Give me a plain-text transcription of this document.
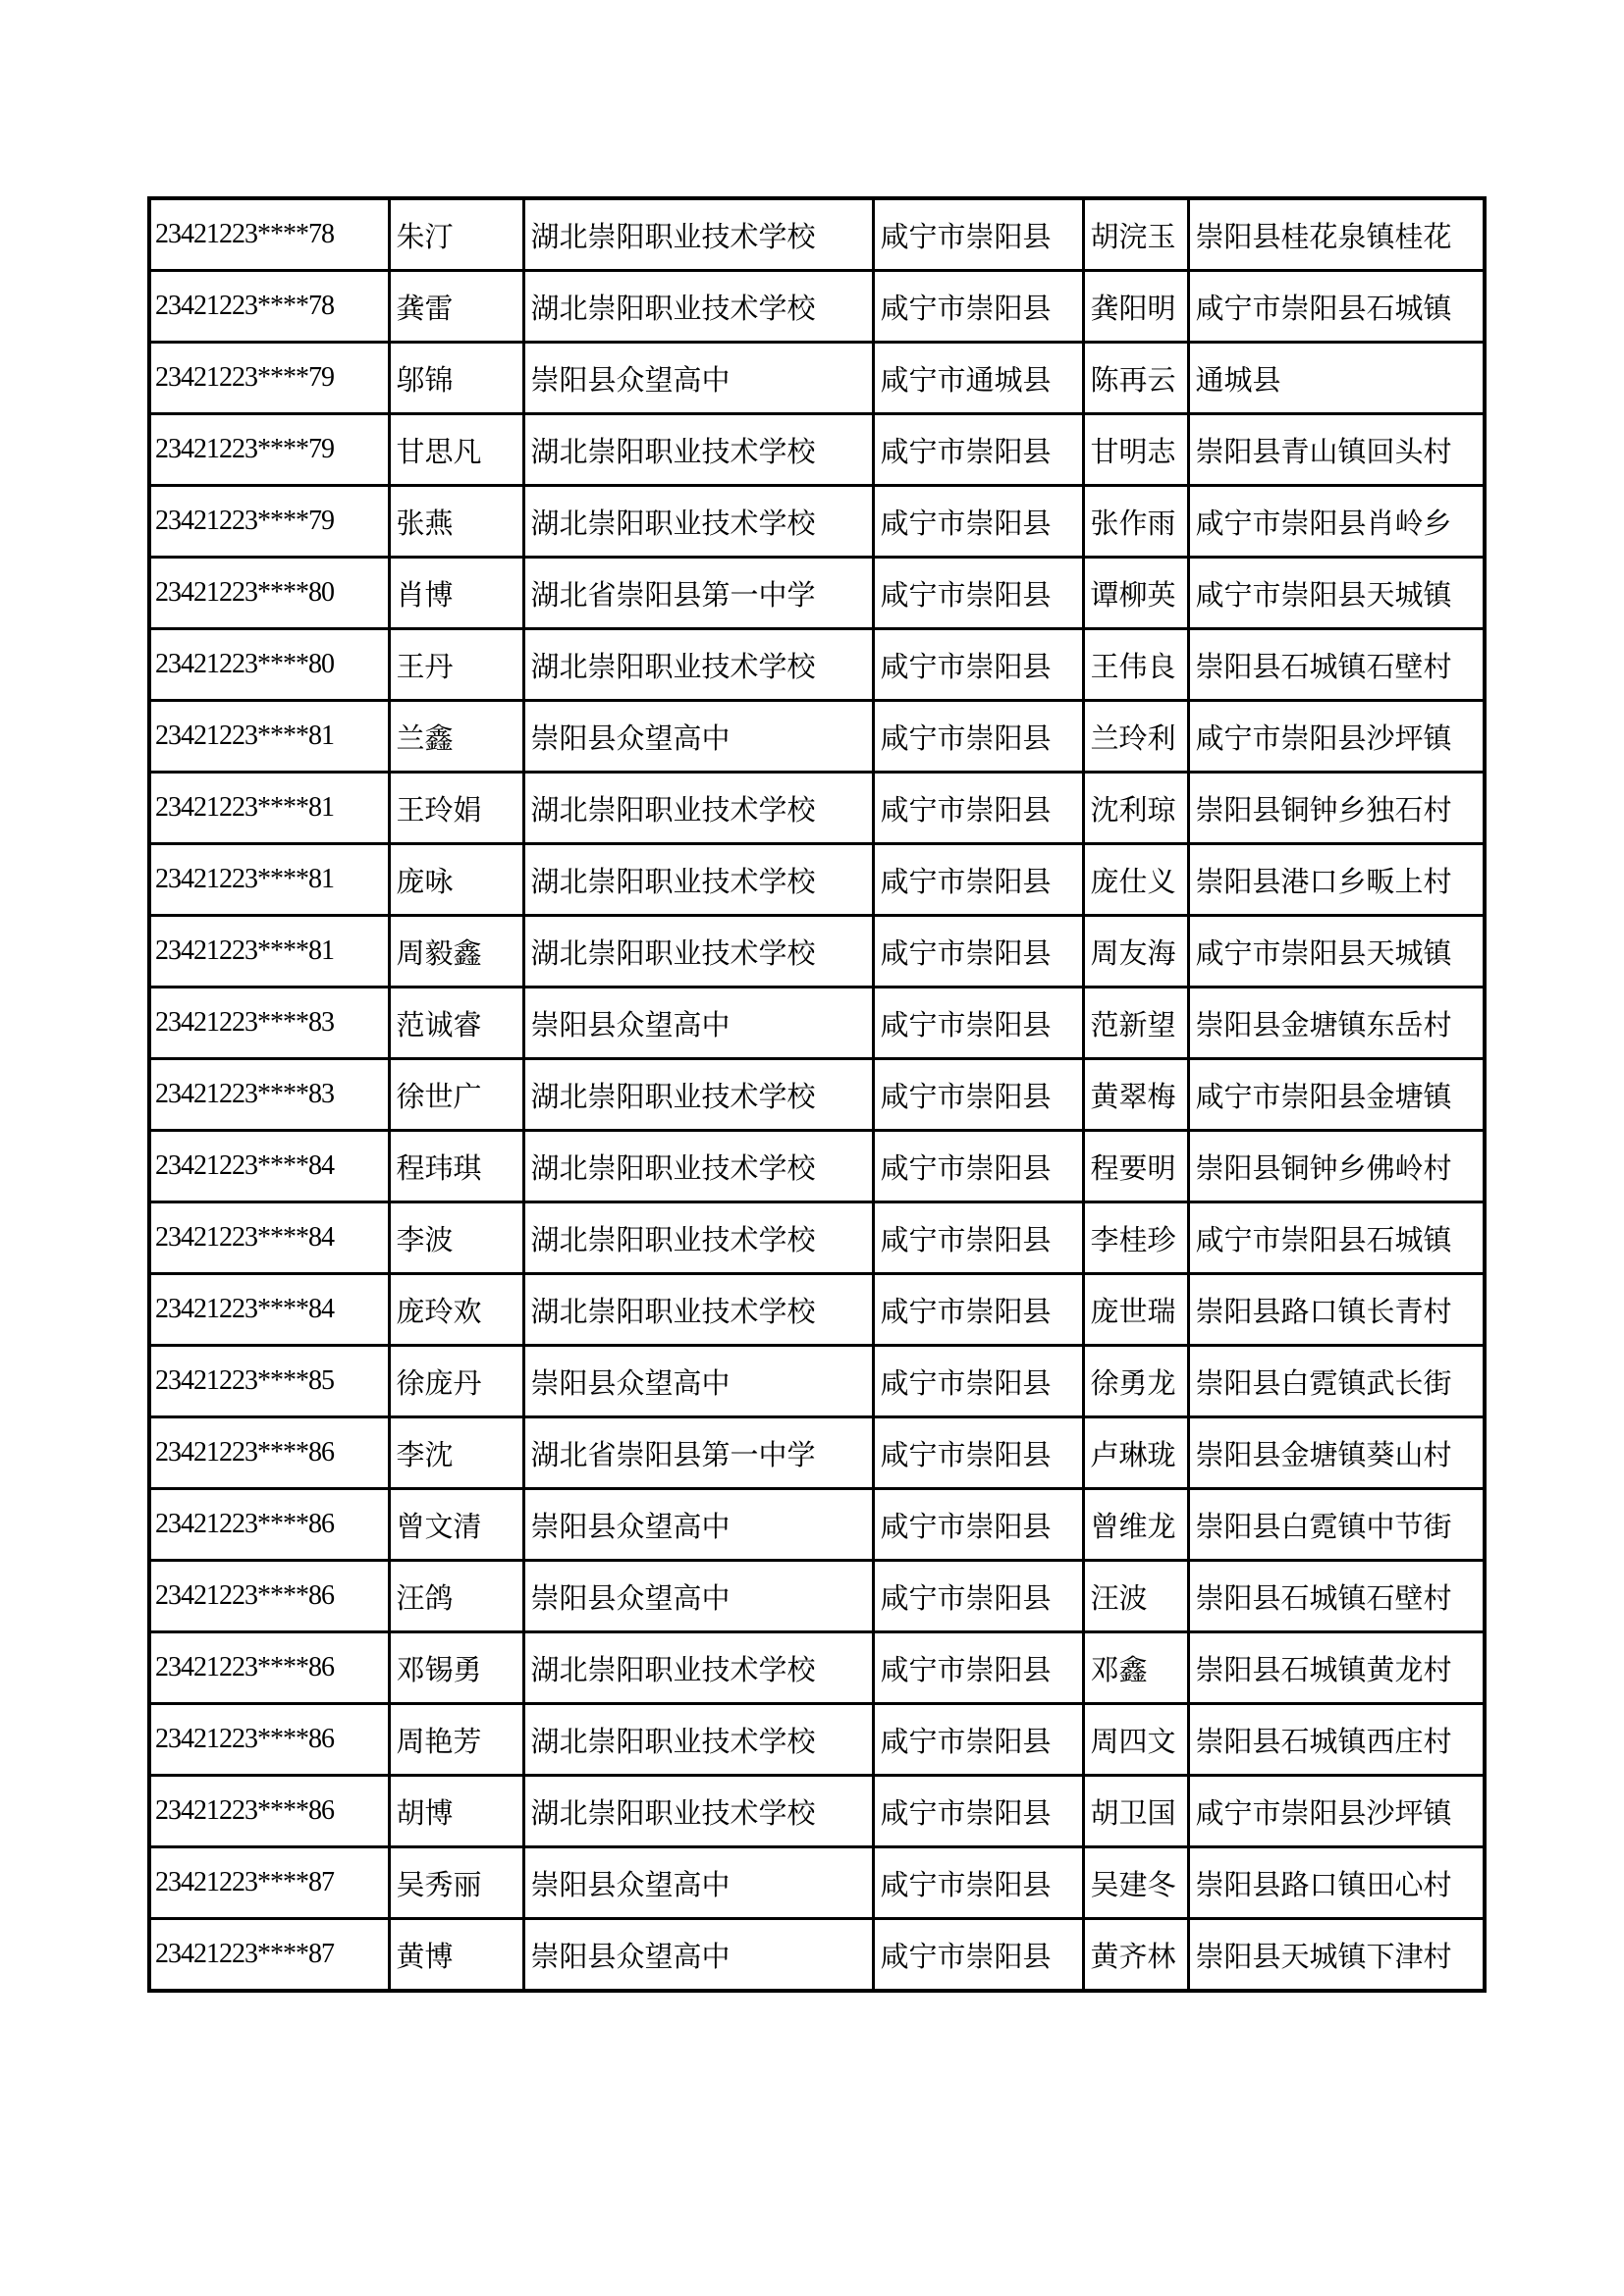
23421223****78	朱汀	湖北崇阳职业技术学校	咸宁市崇阳县	胡浣玉	崇阳县桂花泉镇桂花
23421223****78	龚雷	湖北崇阳职业技术学校	咸宁市崇阳县	龚阳明	咸宁市崇阳县石城镇
23421223****79	邬锦	崇阳县众望高中	咸宁市通城县	陈再云	通城县
23421223****79	甘思凡	湖北崇阳职业技术学校	咸宁市崇阳县	甘明志	崇阳县青山镇回头村
23421223****79	张燕	湖北崇阳职业技术学校	咸宁市崇阳县	张作雨	咸宁市崇阳县肖岭乡
23421223****80	肖博	湖北省崇阳县第一中学	咸宁市崇阳县	谭柳英	咸宁市崇阳县天城镇
23421223****80	王丹	湖北崇阳职业技术学校	咸宁市崇阳县	王伟良	崇阳县石城镇石壁村
23421223****81	兰鑫	崇阳县众望高中	咸宁市崇阳县	兰玲利	咸宁市崇阳县沙坪镇
23421223****81	王玲娟	湖北崇阳职业技术学校	咸宁市崇阳县	沈利琼	崇阳县铜钟乡独石村
23421223****81	庞咏	湖北崇阳职业技术学校	咸宁市崇阳县	庞仕义	崇阳县港口乡畈上村
23421223****81	周毅鑫	湖北崇阳职业技术学校	咸宁市崇阳县	周友海	咸宁市崇阳县天城镇
23421223****83	范诚睿	崇阳县众望高中	咸宁市崇阳县	范新望	崇阳县金塘镇东岳村
23421223****83	徐世广	湖北崇阳职业技术学校	咸宁市崇阳县	黄翠梅	咸宁市崇阳县金塘镇
23421223****84	程玮琪	湖北崇阳职业技术学校	咸宁市崇阳县	程要明	崇阳县铜钟乡佛岭村
23421223****84	李波	湖北崇阳职业技术学校	咸宁市崇阳县	李桂珍	咸宁市崇阳县石城镇
23421223****84	庞玲欢	湖北崇阳职业技术学校	咸宁市崇阳县	庞世瑞	崇阳县路口镇长青村
23421223****85	徐庞丹	崇阳县众望高中	咸宁市崇阳县	徐勇龙	崇阳县白霓镇武长街
23421223****86	李沈	湖北省崇阳县第一中学	咸宁市崇阳县	卢琳珑	崇阳县金塘镇葵山村
23421223****86	曾文清	崇阳县众望高中	咸宁市崇阳县	曾维龙	崇阳县白霓镇中节街
23421223****86	汪鸽	崇阳县众望高中	咸宁市崇阳县	汪波	崇阳县石城镇石壁村
23421223****86	邓锡勇	湖北崇阳职业技术学校	咸宁市崇阳县	邓鑫	崇阳县石城镇黄龙村
23421223****86	周艳芳	湖北崇阳职业技术学校	咸宁市崇阳县	周四文	崇阳县石城镇西庄村
23421223****86	胡博	湖北崇阳职业技术学校	咸宁市崇阳县	胡卫国	咸宁市崇阳县沙坪镇
23421223****87	吴秀丽	崇阳县众望高中	咸宁市崇阳县	吴建冬	崇阳县路口镇田心村
23421223****87	黄博	崇阳县众望高中	咸宁市崇阳县	黄齐林	崇阳县天城镇下津村
